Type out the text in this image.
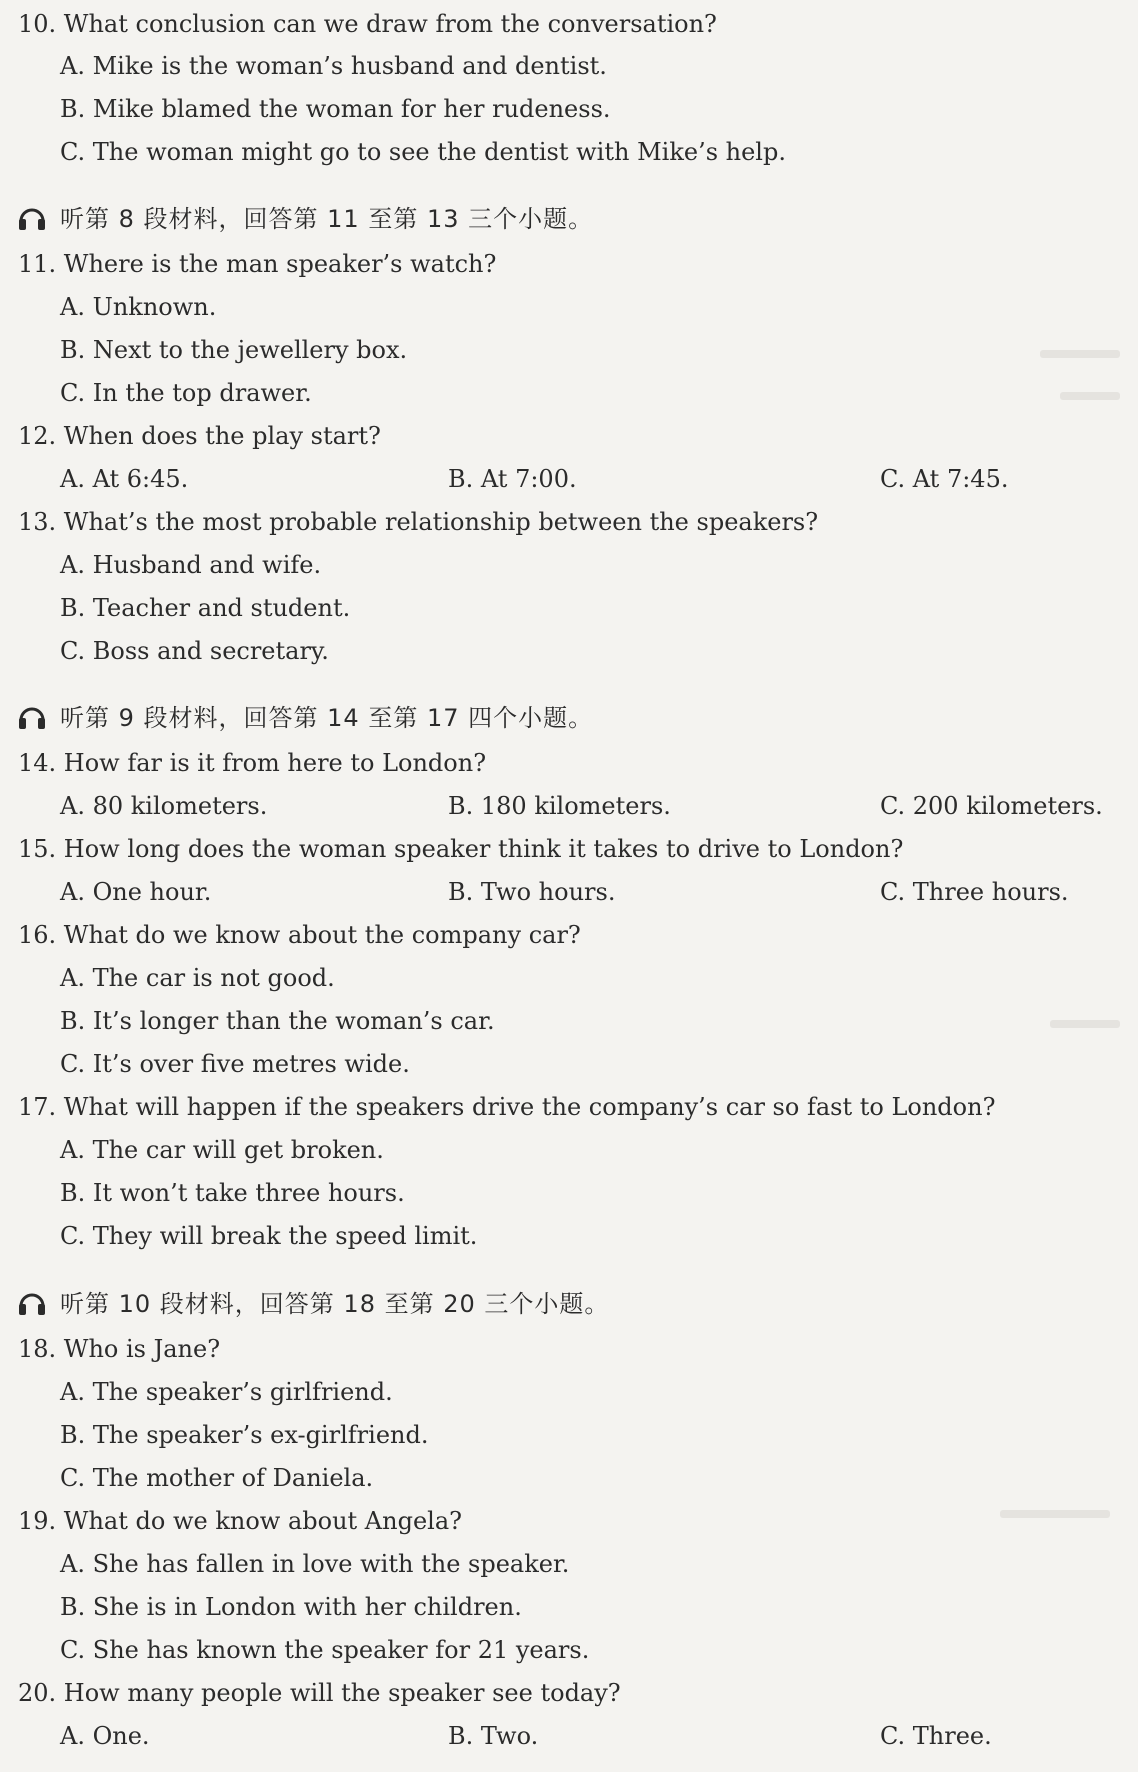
10. What conclusion can we draw from the conversation?
A. Mike is the woman’s husband and dentist.
B. Mike blamed the woman for her rudeness.
C. The woman might go to see the dentist with Mike’s help.
听第 8 段材料，回答第 11 至第 13 三个小题。
11. Where is the man speaker’s watch?
A. Unknown.
B. Next to the jewellery box.
C. In the top drawer.
12. When does the play start?
A. At 6:45.	B. At 7:00.	C. At 7:45.
13. What’s the most probable relationship between the speakers?
A. Husband and wife.
B. Teacher and student.
C. Boss and secretary.
听第 9 段材料，回答第 14 至第 17 四个小题。
14. How far is it from here to London?
A. 80 kilometers.	B. 180 kilometers.	C. 200 kilometers.
15. How long does the woman speaker think it takes to drive to London?
A. One hour.	B. Two hours.	C. Three hours.
16. What do we know about the company car?
A. The car is not good.
B. It’s longer than the woman’s car.
C. It’s over five metres wide.
17. What will happen if the speakers drive the company’s car so fast to London?
A. The car will get broken.
B. It won’t take three hours.
C. They will break the speed limit.
听第 10 段材料，回答第 18 至第 20 三个小题。
18. Who is Jane?
A. The speaker’s girlfriend.
B. The speaker’s ex-girlfriend.
C. The mother of Daniela.
19. What do we know about Angela?
A. She has fallen in love with the speaker.
B. She is in London with her children.
C. She has known the speaker for 21 years.
20. How many people will the speaker see today?
A. One.	B. Two.	C. Three.
